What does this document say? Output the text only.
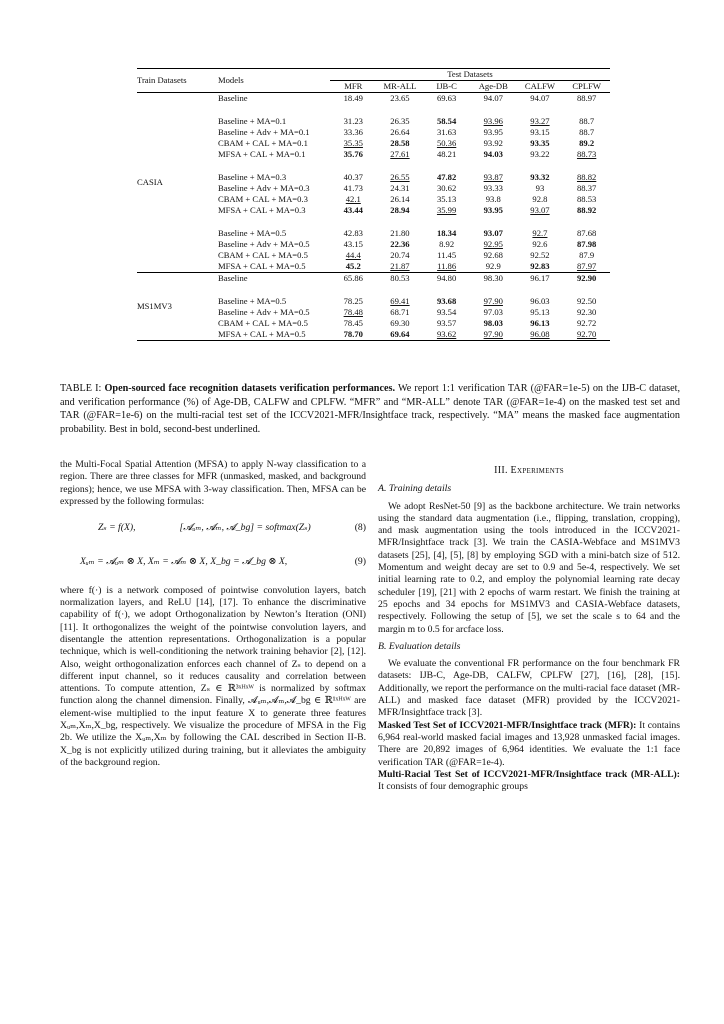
Train Datasets	Models	Test Datasets					
		MFR	MR-ALL	IJB-C	Age-DB	CALFW	CPLFW
CASIA	Baseline	18.49	23.65	69.63	94.07	94.07	88.97

	Baseline + MA=0.1	31.23	26.35	58.54	93.96	93.27	88.7
	Baseline + Adv + MA=0.1	33.36	26.64	31.63	93.95	93.15	88.7
	CBAM + CAL + MA=0.1	35.35	28.58	50.36	93.92	93.35	89.2
	MFSA + CAL + MA=0.1	35.76	27.61	48.21	94.03	93.22	88.73

	Baseline + MA=0.3	40.37	26.55	47.82	93.87	93.32	88.82
	Baseline + Adv + MA=0.3	41.73	24.31	30.62	93.33	93	88.37
	CBAM + CAL + MA=0.3	42.1	26.14	35.13	93.8	92.8	88.53
	MFSA + CAL + MA=0.3	43.44	28.94	35.99	93.95	93.07	88.92

	Baseline + MA=0.5	42.83	21.80	18.34	93.07	92.7	87.68
	Baseline + Adv + MA=0.5	43.15	22.36	8.92	92.95	92.6	87.98
	CBAM + CAL + MA=0.5	44.4	20.74	11.45	92.68	92.52	87.9
	MFSA + CAL + MA=0.5	45.2	21.87	11.86	92.9	92.83	87.97
MS1MV3	Baseline	65.86	80.53	94.80	98.30	96.17	92.90

	Baseline + MA=0.5	78.25	69.41	93.68	97.90	96.03	92.50
	Baseline + Adv + MA=0.5	78.48	68.71	93.54	97.03	95.13	92.30
	CBAM + CAL + MA=0.5	78.45	69.30	93.57	98.03	96.13	92.72
	MFSA + CAL + MA=0.5	78.70	69.64	93.62	97.90	96.08	92.70
TABLE I: Open-sourced face recognition datasets verification performances. We report 1:1 verification TAR (@FAR=1e-5) on the IJB-C dataset, and verification performance (%) of Age-DB, CALFW and CPLFW. “MFR” and “MR-ALL” denote TAR (@FAR=1e-4) on the masked test set and TAR (@FAR=1e-6) on the multi-racial test set of the ICCV2021-MFR/Insightface track, respectively. “MA” means the masked face augmentation probability. Best in bold, second-best underlined.

the Multi-Focal Spatial Attention (MFSA) to apply N-way classification to a region. There are three classes for MFR (unmasked, masked, and background regions); hence, we use MFSA with 3-way classification. Then, MFSA can be expressed by the following formulas:

Zₛ = f(X),	[𝓐ᵤₘ, 𝓐ₘ, 𝓐_bg] = softmax(Zₛ)	(8)
Xᵤₘ = 𝓐ᵤₘ ⊗ X, Xₘ = 𝓐ₘ ⊗ X, X_bg = 𝓐_bg ⊗ X,	(9)

where f(·) is a network composed of pointwise convolution layers, batch normalization layers, and ReLU [14], [17]. To enhance the discriminative capability of f(·), we adopt Orthogonalization by Newton’s Iteration (ONI) [11]. It orthogonalizes the weight of the pointwise convolution layers, and disentangle the attention representations. Orthogonalization is a popular technique, which is well-conditioning the network training behavior [2], [12]. Also, weight orthogonalization enforces each channel of Zₛ to depend on a different input channel, so it reduces causality and correlation between attentions. To compute attention, Zₛ ∈ ℝ³ˣᴴˣᵂ is normalized by softmax function along the channel dimension. Finally, 𝓐ᵤₘ,𝓐ₘ,𝓐_bg ∈ ℝ¹ˣᴴˣᵂ are element-wise multiplied to the input feature X to generate three features Xᵤₘ,Xₘ,X_bg, respectively. We visualize the procedure of MFSA in the Fig 2b. We utilize the Xᵤₘ,Xₘ by following the CAL described in Section II-B. X_bg is not explicitly utilized during training, but it alleviates the ambiguity of the background region.

III. Experiments
A. Training details

We adopt ResNet-50 [9] as the backbone architecture. We train networks using the standard data augmentation (i.e., flipping, translation, cropping), and mask augmentation using the tools introduced in the ICCV2021-MFR/Insightface track [3]. We train the CASIA-Webface and MS1MV3 datasets [25], [4], [5], [8] by employing SGD with a mini-batch size of 512. Momentum and weight decay are set to 0.9 and 5e-4, respectively. We set initial learning rate to 0.2, and employ the polynomial learning rate decay scheduler [19], [21] with 2 epochs of warm restart. We finish the training at 25 epochs and 34 epochs for MS1MV3 and CASIA-Webface datasets, respectively. Following the setup of [5], we set the scale s to 64 and the margin m to 0.5 for arcface loss.

B. Evaluation details

We evaluate the conventional FR performance on the four benchmark FR datasets: IJB-C, Age-DB, CALFW, CPLFW [27], [16], [28], [15]. Additionally, we report the performance on the multi-racial face dataset (MR-ALL) and masked face dataset (MFR) provided by the ICCV2021-MFR/Insightface track [3].

Masked Test Set of ICCV2021-MFR/Insightface track (MFR): It contains 6,964 real-world masked facial images and 13,928 unmasked facial images. There are 20,892 images of 6,964 identities. We evaluate the 1:1 face verification TAR (@FAR=1e-4).

Multi-Racial Test Set of ICCV2021-MFR/Insightface track (MR-ALL): It consists of four demographic groups
